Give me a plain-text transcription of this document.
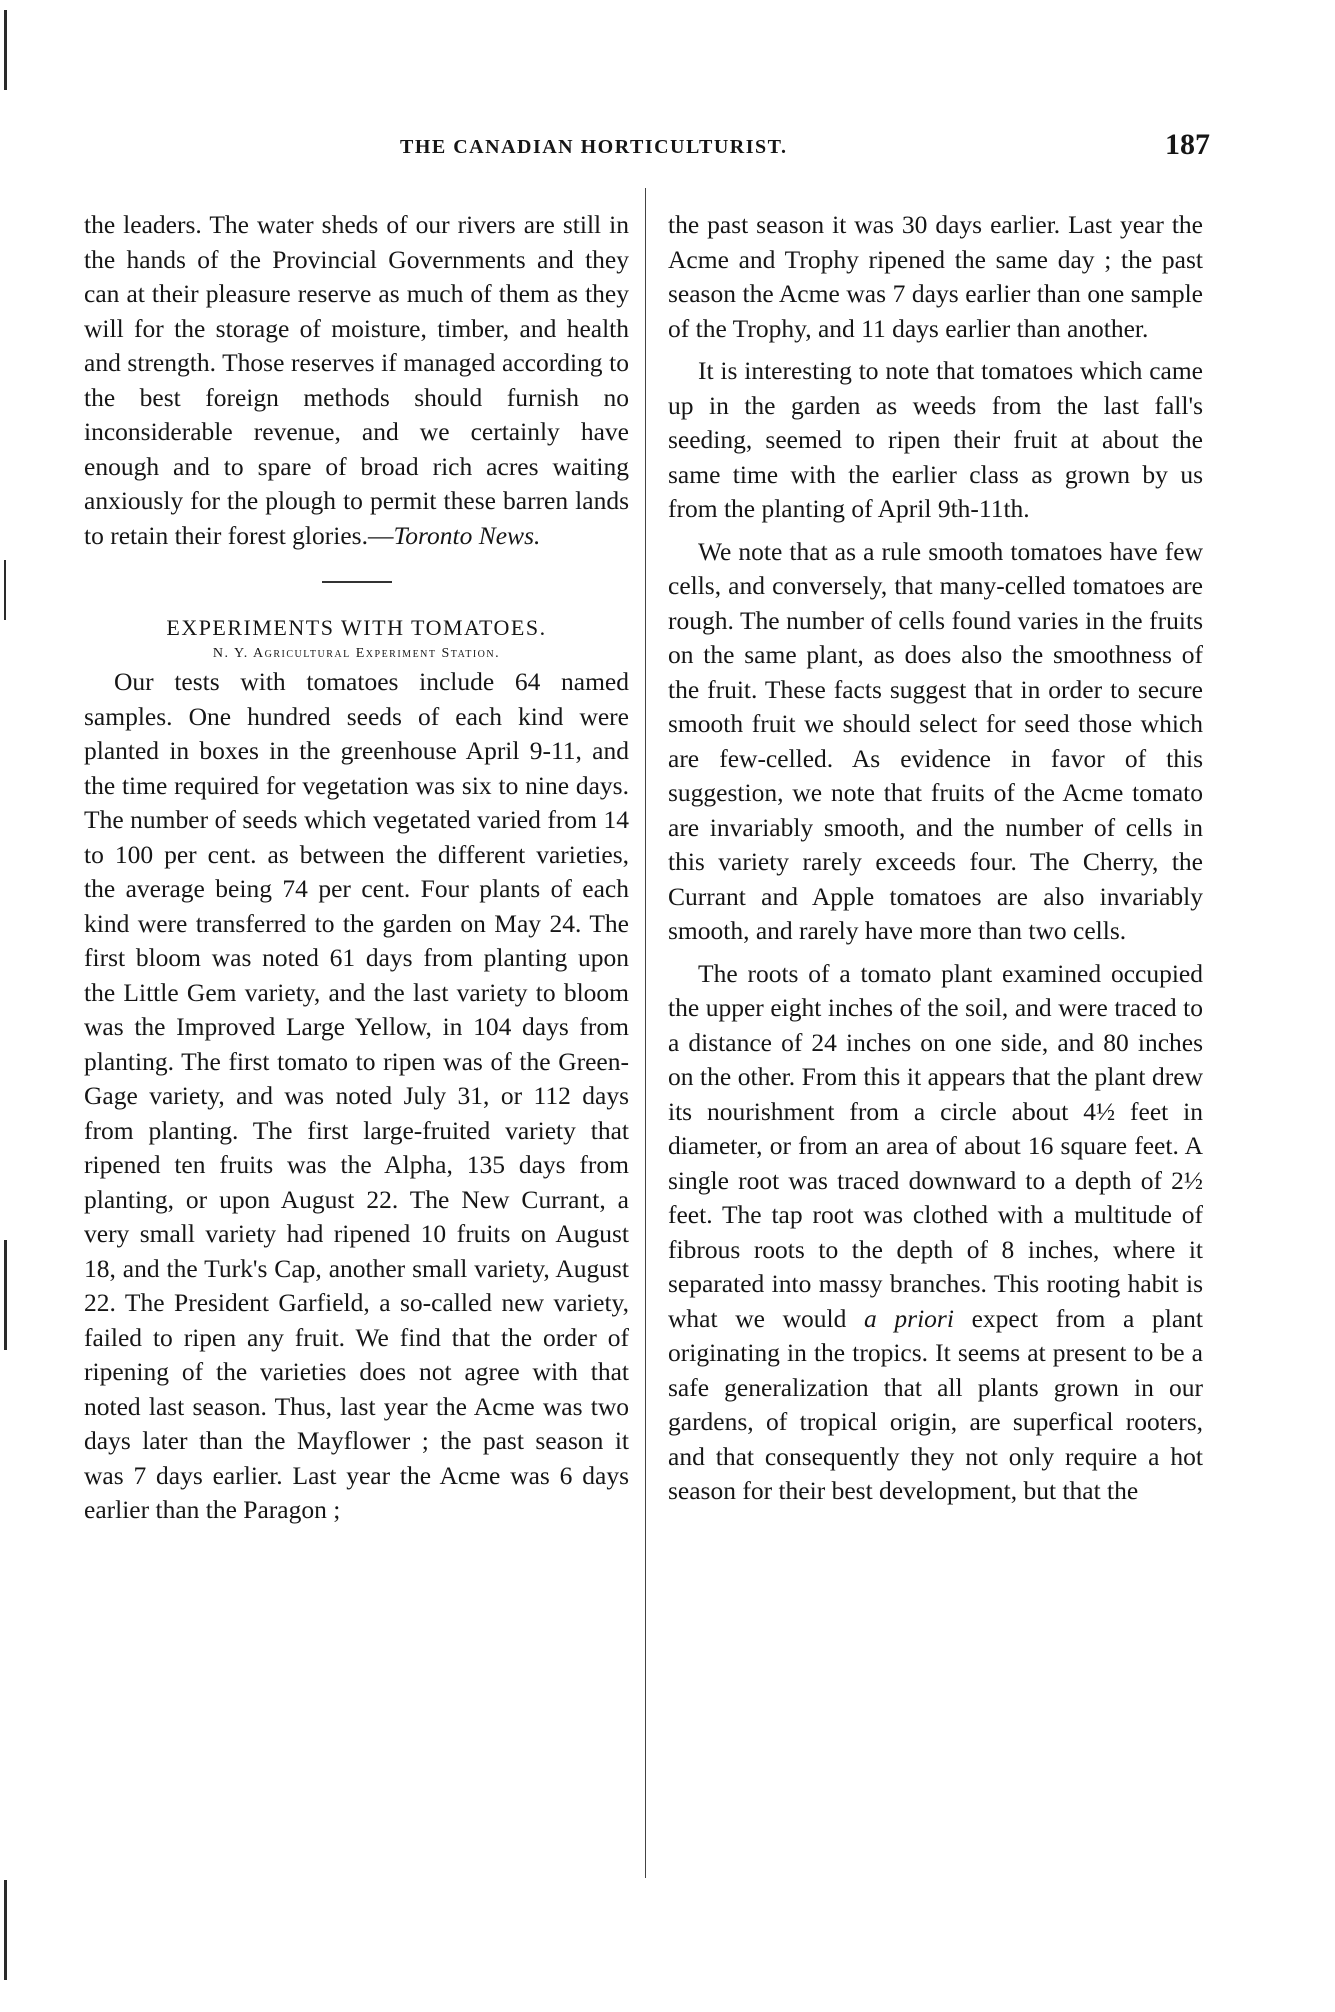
THE CANADIAN HORTICULTURIST.	187

the leaders. The water sheds of our rivers are still in the hands of the Provincial Governments and they can at their pleasure reserve as much of them as they will for the storage of moisture, timber, and health and strength. Those reserves if managed according to the best foreign methods should furnish no inconsiderable revenue, and we certainly have enough and to spare of broad rich acres waiting anxiously for the plough to permit these barren lands to retain their forest glories.—Toronto News.

EXPERIMENTS WITH TOMATOES.

N. Y. Agricultural Experiment Station.

Our tests with tomatoes include 64 named samples. One hundred seeds of each kind were planted in boxes in the greenhouse April 9-11, and the time required for vegetation was six to nine days. The number of seeds which vegetated varied from 14 to 100 per cent. as between the different varieties, the average being 74 per cent. Four plants of each kind were transferred to the garden on May 24. The first bloom was noted 61 days from planting upon the Little Gem variety, and the last variety to bloom was the Improved Large Yellow, in 104 days from planting. The first tomato to ripen was of the Green-Gage variety, and was noted July 31, or 112 days from planting. The first large-fruited variety that ripened ten fruits was the Alpha, 135 days from planting, or upon August 22. The New Currant, a very small variety had ripened 10 fruits on August 18, and the Turk's Cap, another small variety, August 22. The President Garfield, a so-called new variety, failed to ripen any fruit. We find that the order of ripening of the varieties does not agree with that noted last season. Thus, last year the Acme was two days later than the Mayflower ; the past season it was 7 days earlier. Last year the Acme was 6 days earlier than the Paragon ;

the past season it was 30 days earlier. Last year the Acme and Trophy ripened the same day ; the past season the Acme was 7 days earlier than one sample of the Trophy, and 11 days earlier than another.

It is interesting to note that tomatoes which came up in the garden as weeds from the last fall's seeding, seemed to ripen their fruit at about the same time with the earlier class as grown by us from the planting of April 9th-11th.

We note that as a rule smooth tomatoes have few cells, and conversely, that many-celled tomatoes are rough. The number of cells found varies in the fruits on the same plant, as does also the smoothness of the fruit. These facts suggest that in order to secure smooth fruit we should select for seed those which are few-celled. As evidence in favor of this suggestion, we note that fruits of the Acme tomato are invariably smooth, and the number of cells in this variety rarely exceeds four. The Cherry, the Currant and Apple tomatoes are also invariably smooth, and rarely have more than two cells.

The roots of a tomato plant examined occupied the upper eight inches of the soil, and were traced to a distance of 24 inches on one side, and 80 inches on the other. From this it appears that the plant drew its nourishment from a circle about 4½ feet in diameter, or from an area of about 16 square feet. A single root was traced downward to a depth of 2½ feet. The tap root was clothed with a multitude of fibrous roots to the depth of 8 inches, where it separated into massy branches. This rooting habit is what we would a priori expect from a plant originating in the tropics. It seems at present to be a safe generalization that all plants grown in our gardens, of tropical origin, are superfical rooters, and that consequently they not only require a hot season for their best development, but that the
